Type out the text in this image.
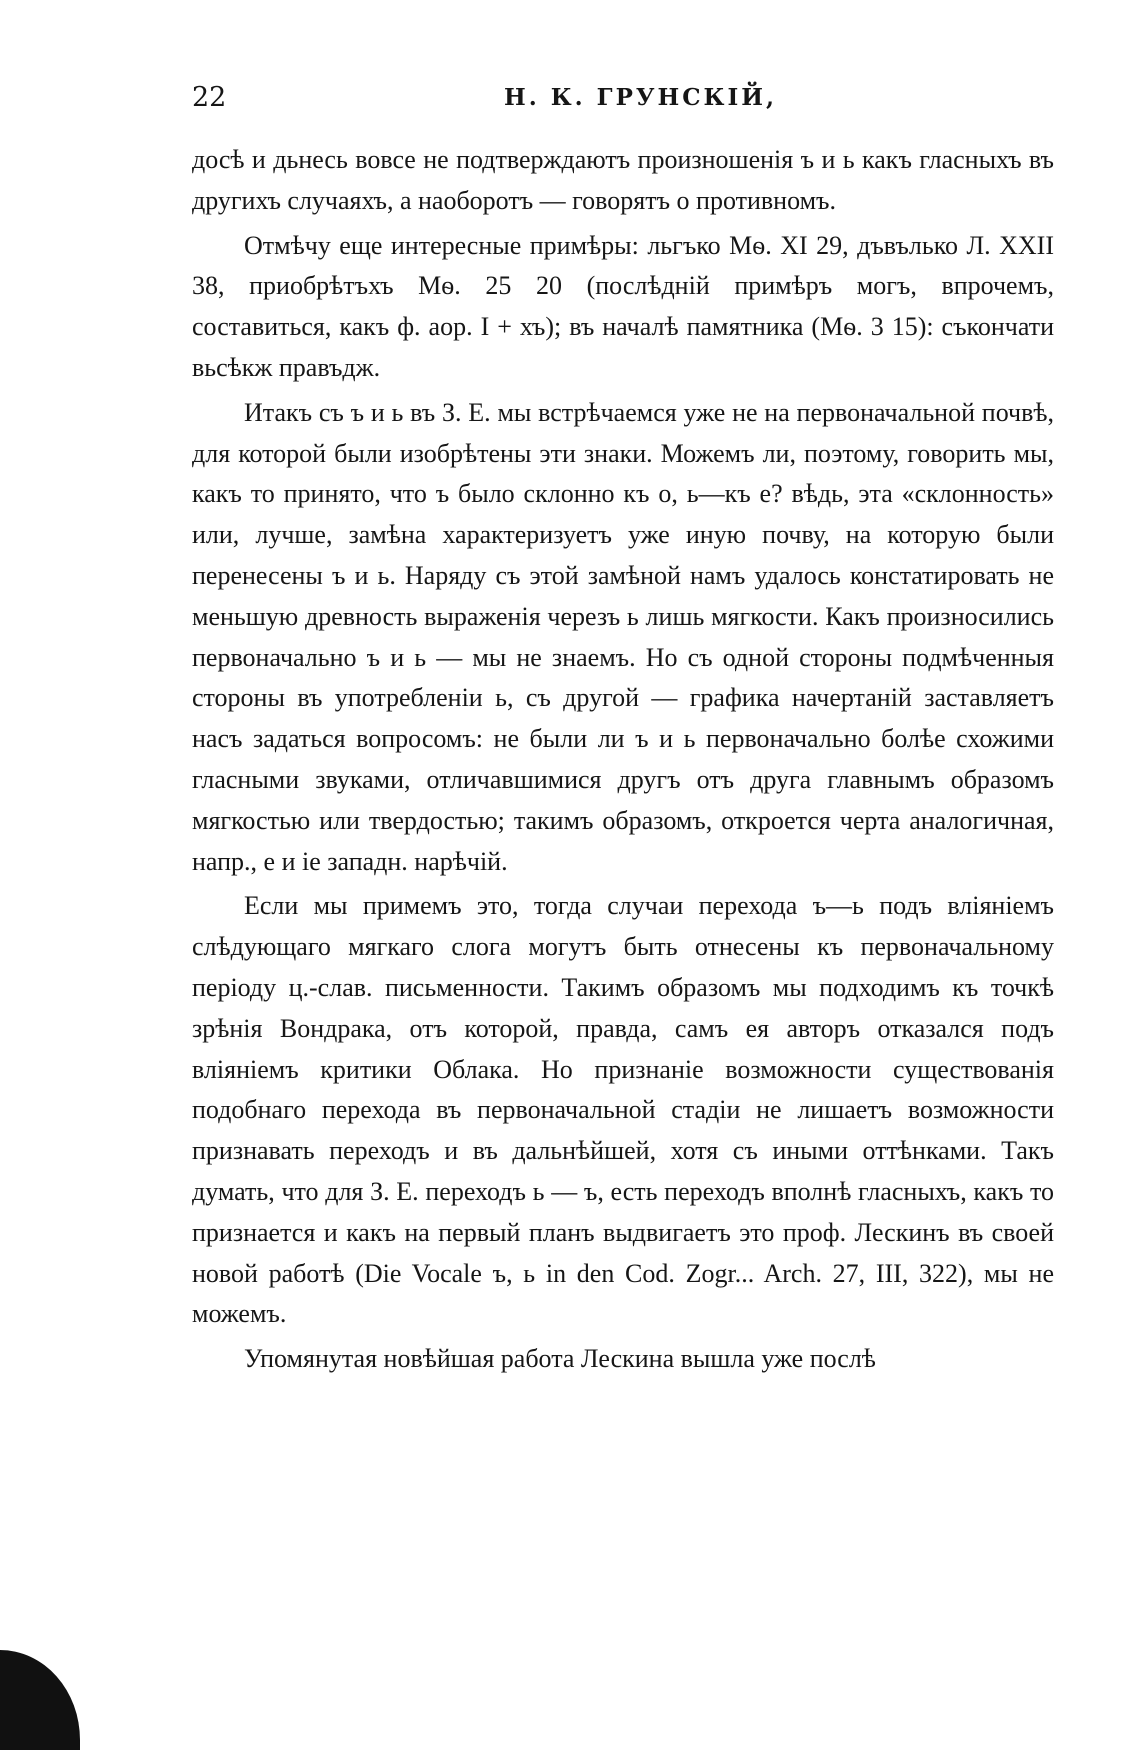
22	Н. К. ГРУНСКІЙ,

досѣ и дьнесь вовсе не подтверждаютъ произношенія ъ и ь какъ гласныхъ въ другихъ случаяхъ, а наоборотъ — говорятъ о противномъ.

Отмѣчу еще интересные примѣры: льгъко Мѳ. XI 29, дъвълько Л. XXII 38, приобрѣтъхъ Мѳ. 25 20 (послѣдній примѣръ могъ, впрочемъ, составиться, какъ ф. аор. I + хъ); въ началѣ памятника (Мѳ. 3 15): съкончати вьсѣкж правъдж.

Итакъ съ ъ и ь въ З. Е. мы встрѣчаемся уже не на первоначальной почвѣ, для которой были изобрѣтены эти знаки. Можемъ ли, поэтому, говорить мы, какъ то принято, что ъ было склонно къ о, ь—къ е? вѣдь, эта «склонность» или, лучше, замѣна характеризуетъ уже иную почву, на которую были перенесены ъ и ь. Наряду съ этой замѣной намъ удалось констатировать не меньшую древность выраженія черезъ ь лишь мягкости. Какъ произносились первоначально ъ и ь — мы не знаемъ. Но съ одной стороны подмѣченныя стороны въ употребленіи ь, съ другой — графика начертаній заставляетъ насъ задаться вопросомъ: не были ли ъ и ь первоначально болѣе схожими гласными звуками, отличавшимися другъ отъ друга главнымъ образомъ мягкостью или твердостью; такимъ образомъ, откроется черта аналогичная, напр., е и іе западн. нарѣчій.

Если мы примемъ это, тогда случаи перехода ъ—ь подъ вліяніемъ слѣдующаго мягкаго слога могутъ быть отнесены къ первоначальному періоду ц.-слав. письменности. Такимъ образомъ мы подходимъ къ точкѣ зрѣнія Вондрака, отъ которой, правда, самъ ея авторъ отказался подъ вліяніемъ критики Облака. Но признаніе возможности существованія подобнаго перехода въ первоначальной стадіи не лишаетъ возможности признавать переходъ и въ дальнѣйшей, хотя съ иными оттѣнками. Такъ думать, что для З. Е. переходъ ь — ъ, есть переходъ вполнѣ гласныхъ, какъ то признается и какъ на первый планъ выдвигаетъ это проф. Лескинъ въ своей новой работѣ (Die Vocale ъ, ь in den Cod. Zogr... Arch. 27, III, 322), мы не можемъ.

Упомянутая новѣйшая работа Лескина вышла уже послѣ
